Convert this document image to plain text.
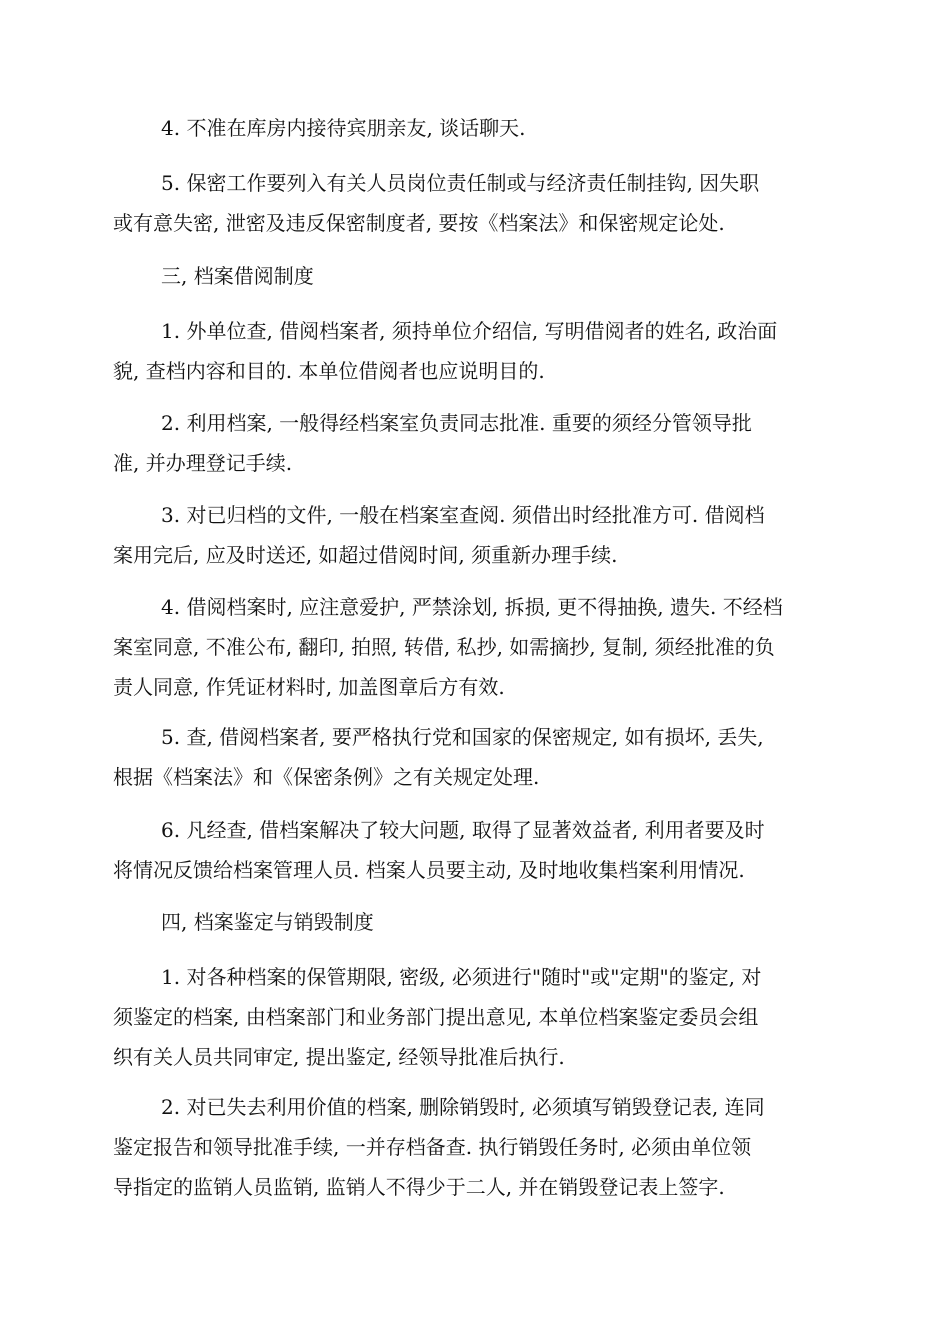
4. 不准在库房内接待宾朋亲友, 谈话聊天.
5. 保密工作要列入有关人员岗位责任制或与经济责任制挂钩, 因失职
或有意失密, 泄密及违反保密制度者, 要按《档案法》和保密规定论处.
三, 档案借阅制度
1. 外单位查, 借阅档案者, 须持单位介绍信, 写明借阅者的姓名, 政治面
貌, 查档内容和目的. 本单位借阅者也应说明目的.
2. 利用档案, 一般得经档案室负责同志批准. 重要的须经分管领导批
准, 并办理登记手续.
3. 对已归档的文件, 一般在档案室查阅. 须借出时经批准方可. 借阅档
案用完后, 应及时送还, 如超过借阅时间, 须重新办理手续.
4. 借阅档案时, 应注意爱护, 严禁涂划, 拆损, 更不得抽换, 遗失. 不经档
案室同意, 不准公布, 翻印, 拍照, 转借, 私抄, 如需摘抄, 复制, 须经批准的负
责人同意, 作凭证材料时, 加盖图章后方有效.
5. 查, 借阅档案者, 要严格执行党和国家的保密规定, 如有损坏, 丢失,
根据《档案法》和《保密条例》之有关规定处理.
6. 凡经查, 借档案解决了较大问题, 取得了显著效益者, 利用者要及时
将情况反馈给档案管理人员. 档案人员要主动, 及时地收集档案利用情况.
四, 档案鉴定与销毁制度
1. 对各种档案的保管期限, 密级, 必须进行"随时"或"定期"的鉴定, 对
须鉴定的档案, 由档案部门和业务部门提出意见, 本单位档案鉴定委员会组
织有关人员共同审定, 提出鉴定, 经领导批准后执行.
2. 对已失去利用价值的档案, 删除销毁时, 必须填写销毁登记表, 连同
鉴定报告和领导批准手续, 一并存档备查. 执行销毁任务时, 必须由单位领
导指定的监销人员监销, 监销人不得少于二人, 并在销毁登记表上签字.
